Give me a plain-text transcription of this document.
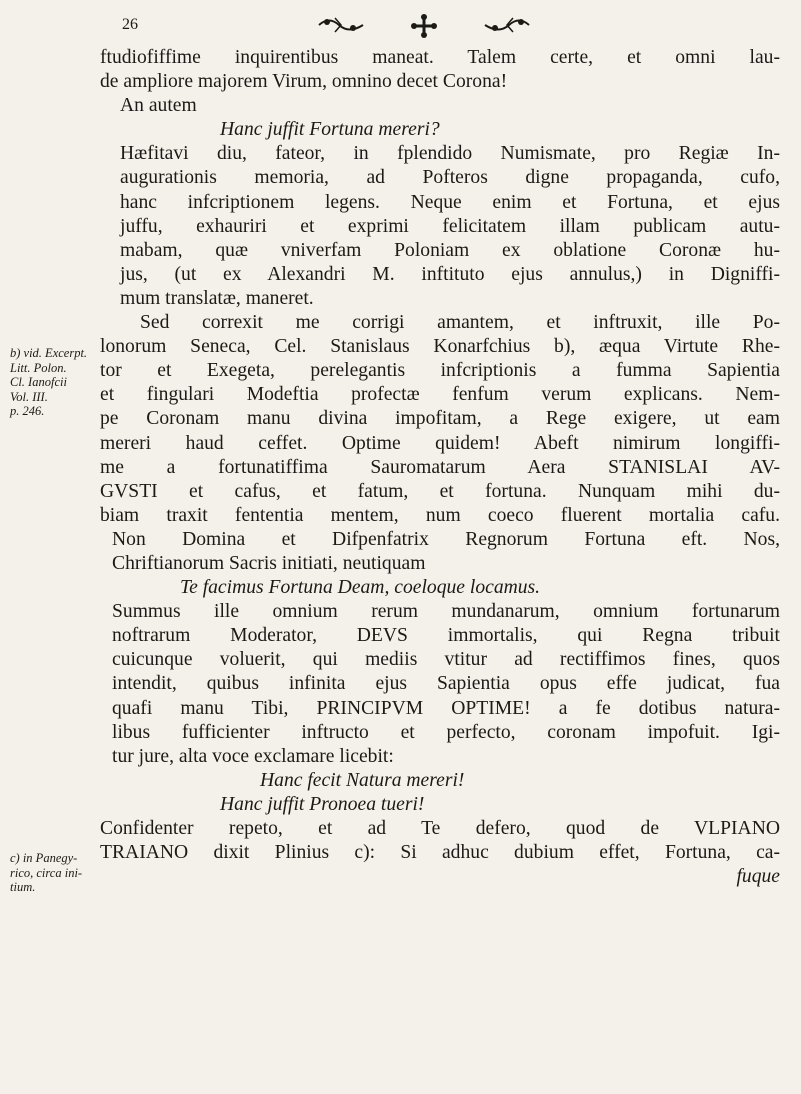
26
b) vid. Excerpt.
Litt. Polon.
Cl. Ianofcii
Vol. III.
p. 246.
c) in Panegy-
rico, circa ini-
tium.
ftudiofiffime inquirentibus maneat. Talem certe, et omni lau-
de ampliore majorem Virum, omnino decet Corona!
An autem
Hanc juffit Fortuna mereri?
Hæfitavi diu, fateor, in fplendido Numismate, pro Regiæ In-
augurationis memoria, ad Pofteros digne propaganda, cufo,
hanc infcriptionem legens. Neque enim et Fortuna, et ejus
juffu, exhauriri et exprimi felicitatem illam publicam autu-
mabam, quæ vniverfam Poloniam ex oblatione Coronæ hu-
jus, (ut ex Alexandri M. inftituto ejus annulus,) in Digniffi-
mum translatæ, maneret.
Sed correxit me corrigi amantem, et inftruxit, ille Po-
lonorum Seneca, Cel. Stanislaus Konarfchius b), æqua Virtute Rhe-
tor et Exegeta, perelegantis infcriptionis a fumma Sapientia
et fingulari Modeftia profectæ fenfum verum explicans. Nem-
pe Coronam manu divina impofitam, a Rege exigere, ut eam
mereri haud ceffet. Optime quidem! Abeft nimirum longiffi-
me a fortunatiffima Sauromatarum Aera STANISLAI AV-
GVSTI et cafus, et fatum, et fortuna. Nunquam mihi du-
biam traxit fententia mentem, num coeco fluerent mortalia cafu.
Non Domina et Difpenfatrix Regnorum Fortuna eft. Nos,
Chriftianorum Sacris initiati, neutiquam
Te facimus Fortuna Deam, coeloque locamus.
Summus ille omnium rerum mundanarum, omnium fortunarum
noftrarum Moderator, DEVS immortalis, qui Regna tribuit
cuicunque voluerit, qui mediis vtitur ad rectiffimos fines, quos
intendit, quibus infinita ejus Sapientia opus effe judicat, fua
quafi manu Tibi, PRINCIPVM OPTIME! a fe dotibus natura-
libus fufficienter inftructo et perfecto, coronam impofuit. Igi-
tur jure, alta voce exclamare licebit:
Hanc fecit Natura mereri!
Hanc juffit Pronoea tueri!
Confidenter repeto, et ad Te defero, quod de VLPIANO
TRAIANO dixit Plinius c): Si adhuc dubium effet, Fortuna, ca-
fuque
